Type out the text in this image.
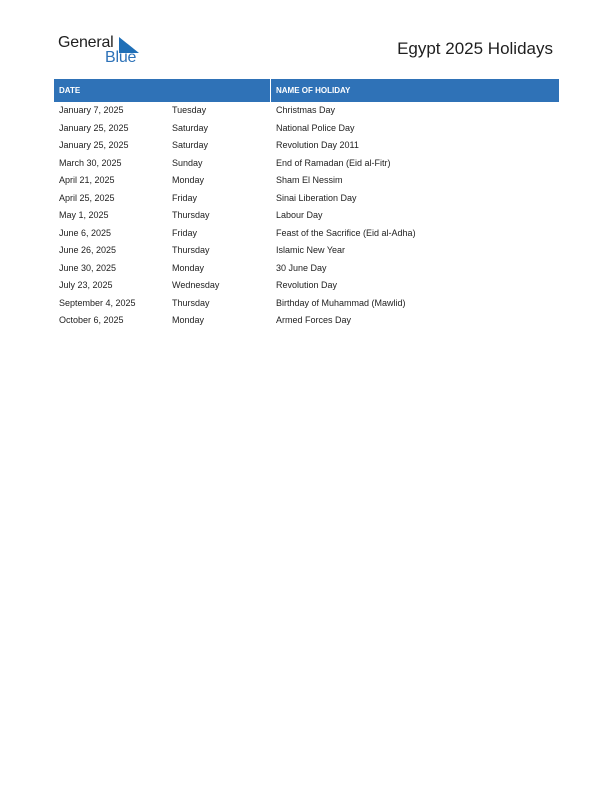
General
Blue	Egypt 2025 Holidays
DATE	NAME OF HOLIDAY
January 7, 2025	Tuesday	Christmas Day
January 25, 2025	Saturday	National Police Day
January 25, 2025	Saturday	Revolution Day 2011
March 30, 2025	Sunday	End of Ramadan (Eid al-Fitr)
April 21, 2025	Monday	Sham El Nessim
April 25, 2025	Friday	Sinai Liberation Day
May 1, 2025	Thursday	Labour Day
June 6, 2025	Friday	Feast of the Sacrifice (Eid al-Adha)
June 26, 2025	Thursday	Islamic New Year
June 30, 2025	Monday	30 June Day
July 23, 2025	Wednesday	Revolution Day
September 4, 2025	Thursday	Birthday of Muhammad (Mawlid)
October 6, 2025	Monday	Armed Forces Day
